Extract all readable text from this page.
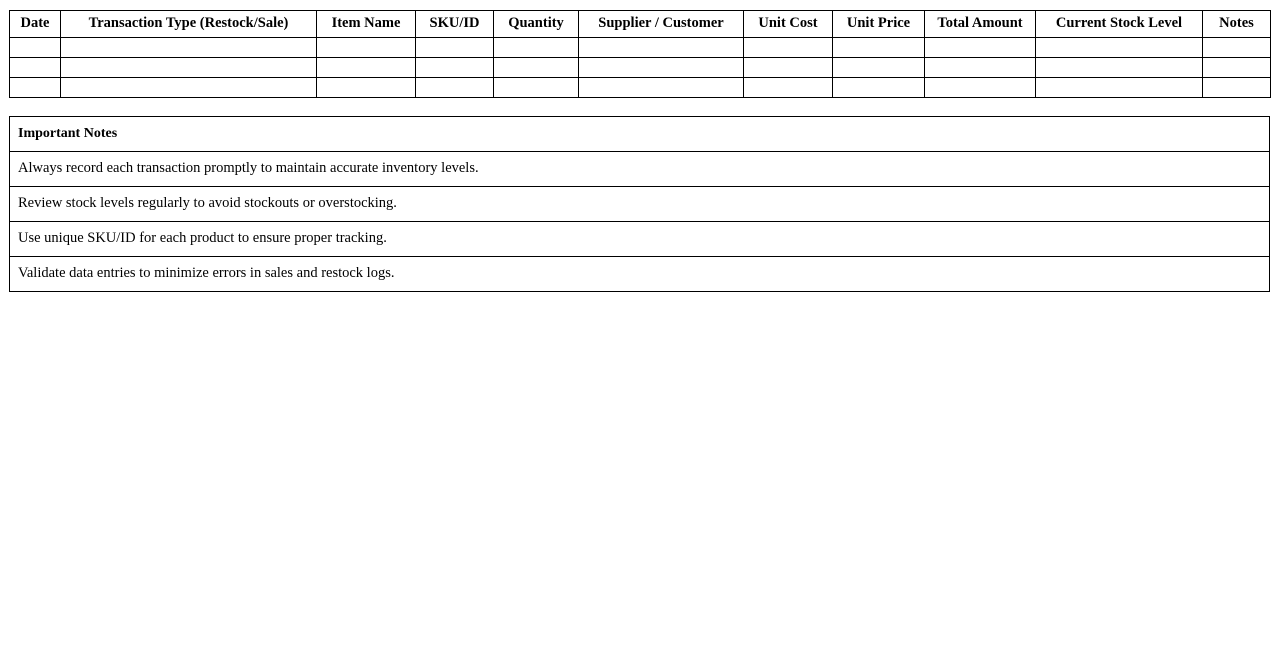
Date	Transaction Type (Restock/Sale)	Item Name	SKU/ID	Quantity	Supplier / Customer	Unit Cost	Unit Price	Total Amount	Current Stock Level	Notes

Important Notes
Always record each transaction promptly to maintain accurate inventory levels.
Review stock levels regularly to avoid stockouts or overstocking.
Use unique SKU/ID for each product to ensure proper tracking.
Validate data entries to minimize errors in sales and restock logs.
